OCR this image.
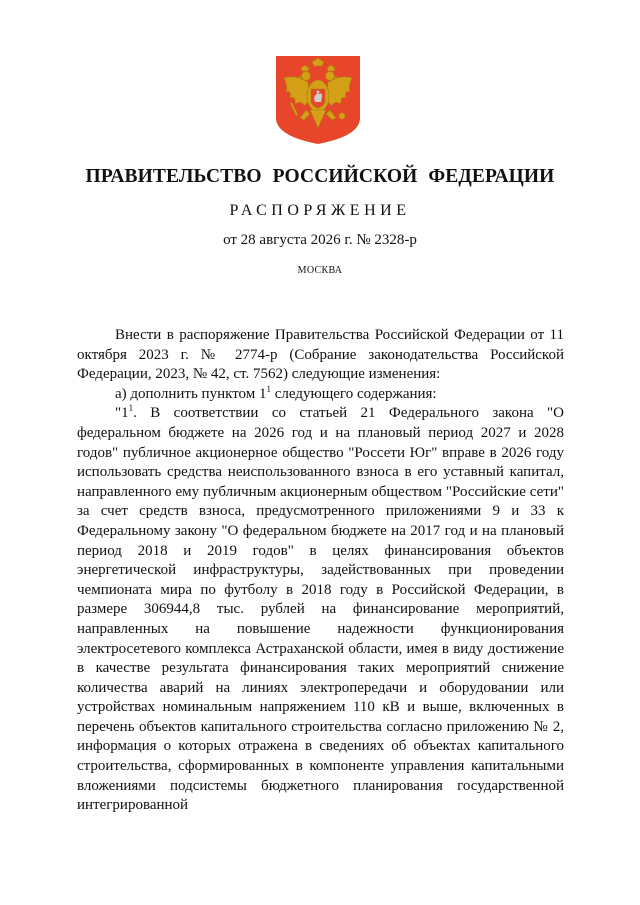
ПРАВИТЕЛЬСТВО РОССИЙСКОЙ ФЕДЕРАЦИИ
РАСПОРЯЖЕНИЕ
от 28 августа 2026 г. № 2328-р
МОСКВА

Внести в распоряжение Правительства Российской Федерации от 11 октября 2023 г. № 2774-р (Собрание законодательства Российской Федерации, 2023, № 42, ст. 7562) следующие изменения:

а) дополнить пунктом $1^1$ следующего содержания:

"$1^1$. В соответствии со статьей 21 Федерального закона "О федеральном бюджете на 2026 год и на плановый период 2027 и 2028 годов" публичное акционерное общество "Россети Юг" вправе в 2026 году использовать средства неиспользованного взноса в его уставный капитал, направленного ему публичным акционерным обществом "Российские сети" за счет средств взноса, предусмотренного приложениями 9 и 33 к Федеральному закону "О федеральном бюджете на 2017 год и на плановый период 2018 и 2019 годов" в целях финансирования объектов энергетической инфраструктуры, задействованных при проведении чемпионата мира по футболу в 2018 году в Российской Федерации, в размере 306944,8 тыс. рублей на финансирование мероприятий, направленных на повышение надежности функционирования электросетевого комплекса Астраханской области, имея в виду достижение в качестве результата финансирования таких мероприятий снижение количества аварий на линиях электропередачи и оборудовании или устройствах номинальным напряжением 110 кВ и выше, включенных в перечень объектов капитального строительства согласно приложению № 2, информация о которых отражена в сведениях об объектах капитального строительства, сформированных в компоненте управления капитальными вложениями подсистемы бюджетного планирования государственной интегрированной
